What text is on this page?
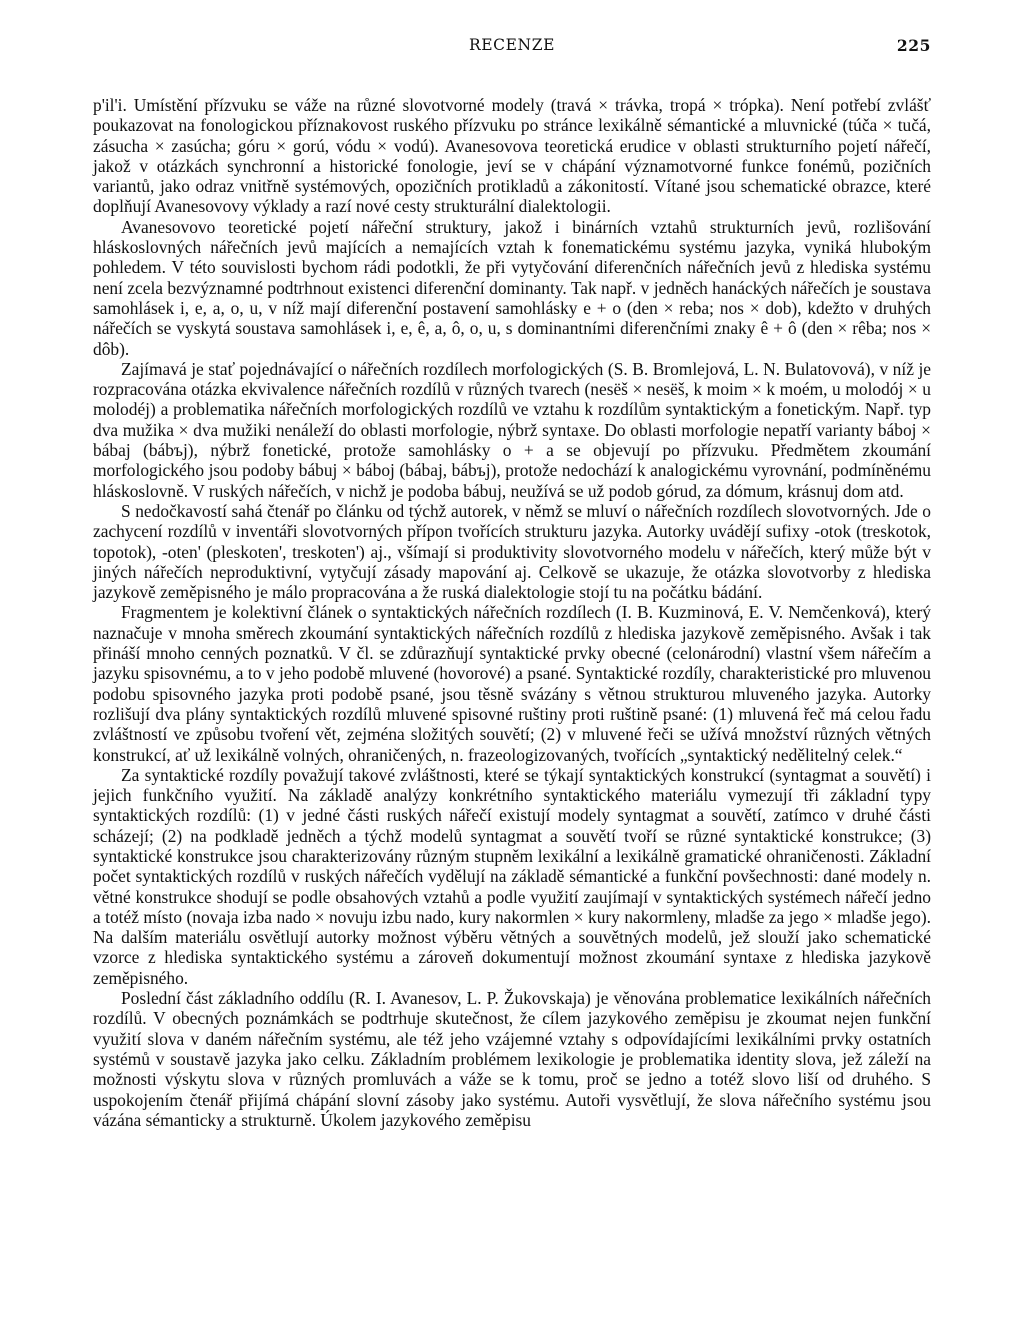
RECENZE	225

p'il'i. Umístění přízvuku se váže na různé slovotvorné modely (travá × trávka, tropá × trópka). Není potřebí zvlášť poukazovat na fonologickou příznakovost ruského přízvuku po stránce lexikálně sémantické a mluvnické (túča × tučá, zásucha × zasúcha; góru × gorú, vódu × vodú). Avanesovova teoretická erudice v oblasti strukturního pojetí nářečí, jakož v otázkách synchronní a historické fonologie, jeví se v chápání významotvorné funkce fonémů, pozičních variantů, jako odraz vnitřně systémových, opozičních protikladů a zákonitostí. Vítané jsou schematické obrazce, které doplňují Avanesovovy výklady a razí nové cesty strukturální dialektologii.

Avanesovovo teoretické pojetí nářeční struktury, jakož i binárních vztahů strukturních jevů, rozlišování hláskoslovných nářečních jevů majících a nemajících vztah k fonematickému systému jazyka, vyniká hlubokým pohledem. V této souvislosti bychom rádi podotkli, že při vytyčování diferenčních nářečních jevů z hlediska systému není zcela bezvýznamné podtrhnout existenci diferenční dominanty. Tak např. v jedněch hanáckých nářečích je soustava samohlásek i, e, a, o, u, v níž mají diferenční postavení samohlásky e + o (den × reba; nos × dob), kdežto v druhých nářečích se vyskytá soustava samohlásek i, e, ê, a, ô, o, u, s dominantními diferenčními znaky ê + ô (den × rêba; nos × dôb).

Zajímavá je stať pojednávající o nářečních rozdílech morfologických (S. B. Bromlejová, L. N. Bulatovová), v níž je rozpracována otázka ekvivalence nářečních rozdílů v různých tvarech (nesëš × nesëš, k moim × k moém, u molodój × u molodéj) a problematika nářečních morfologických rozdílů ve vztahu k rozdílům syntaktickým a fonetickým. Např. typ dva mužika × dva mužiki nenáleží do oblasti morfologie, nýbrž syntaxe. Do oblasti morfologie nepatří varianty báboj × bábaj (bábъj), nýbrž fonetické, protože samohlásky o + a se objevují po přízvuku. Předmětem zkoumání morfologického jsou podoby bábuj × báboj (bábaj, bábъj), protože nedochází k analogickému vyrovnání, podmíněnému hláskoslovně. V ruských nářečích, v nichž je podoba bábuj, neužívá se už podob górud, za dómum, krásnuj dom atd.

S nedočkavostí sahá čtenář po článku od týchž autorek, v němž se mluví o nářečních rozdílech slovotvorných. Jde o zachycení rozdílů v inventáři slovotvorných přípon tvořících strukturu jazyka. Autorky uvádějí sufixy -otok (treskotok, topotok), -oten' (pleskoten', treskoten') aj., všímají si produktivity slovotvorného modelu v nářečích, který může být v jiných nářečích neproduktivní, vytyčují zásady mapování aj. Celkově se ukazuje, že otázka slovotvorby z hlediska jazykově zeměpisného je málo propracována a že ruská dialektologie stojí tu na počátku bádání.

Fragmentem je kolektivní článek o syntaktických nářečních rozdílech (I. B. Kuzminová, E. V. Nemčenková), který naznačuje v mnoha směrech zkoumání syntaktických nářečních rozdílů z hlediska jazykově zeměpisného. Avšak i tak přináší mnoho cenných poznatků. V čl. se zdůrazňují syntaktické prvky obecné (celonárodní) vlastní všem nářečím a jazyku spisovnému, a to v jeho podobě mluvené (hovorové) a psané. Syntaktické rozdíly, charakteristické pro mluvenou podobu spisovného jazyka proti podobě psané, jsou těsně svázány s větnou strukturou mluveného jazyka. Autorky rozlišují dva plány syntaktických rozdílů mluvené spisovné ruštiny proti ruštině psané: (1) mluvená řeč má celou řadu zvláštností ve způsobu tvoření vět, zejména složitých souvětí; (2) v mluvené řeči se užívá množství různých větných konstrukcí, ať už lexikálně volných, ohraničených, n. frazeologizovaných, tvořících „syntaktický nedělitelný celek.“

Za syntaktické rozdíly považují takové zvláštnosti, které se týkají syntaktických konstrukcí (syntagmat a souvětí) i jejich funkčního využití. Na základě analýzy konkrétního syntaktického materiálu vymezují tři základní typy syntaktických rozdílů: (1) v jedné části ruských nářečí existují modely syntagmat a souvětí, zatímco v druhé části scházejí; (2) na podkladě jedněch a týchž modelů syntagmat a souvětí tvoří se různé syntaktické konstrukce; (3) syntaktické konstrukce jsou charakterizovány různým stupněm lexikální a lexikálně gramatické ohraničenosti. Základní počet syntaktických rozdílů v ruských nářečích vydělují na základě sémantické a funkční povšechnosti: dané modely n. větné konstrukce shodují se podle obsahových vztahů a podle využití zaujímají v syntaktických systémech nářečí jedno a totéž místo (novaja izba nado × novuju izbu nado, kury nakormlen × kury nakormleny, mladše za jego × mladše jego). Na dalším materiálu osvětlují autorky možnost výběru větných a souvětných modelů, jež slouží jako schematické vzorce z hlediska syntaktického systému a zároveň dokumentují možnost zkoumání syntaxe z hlediska jazykově zeměpisného.

Poslední část základního oddílu (R. I. Avanesov, L. P. Žukovskaja) je věnována problematice lexikálních nářečních rozdílů. V obecných poznámkách se podtrhuje skutečnost, že cílem jazykového zeměpisu je zkoumat nejen funkční využití slova v daném nářečním systému, ale též jeho vzájemné vztahy s odpovídajícími lexikálními prvky ostatních systémů v soustavě jazyka jako celku. Základním problémem lexikologie je problematika identity slova, jež záleží na možnosti výskytu slova v různých promluvách a váže se k tomu, proč se jedno a totéž slovo liší od druhého. S uspokojením čtenář přijímá chápání slovní zásoby jako systému. Autoři vysvětlují, že slova nářečního systému jsou vázána sémanticky a strukturně. Úkolem jazykového zeměpisu
